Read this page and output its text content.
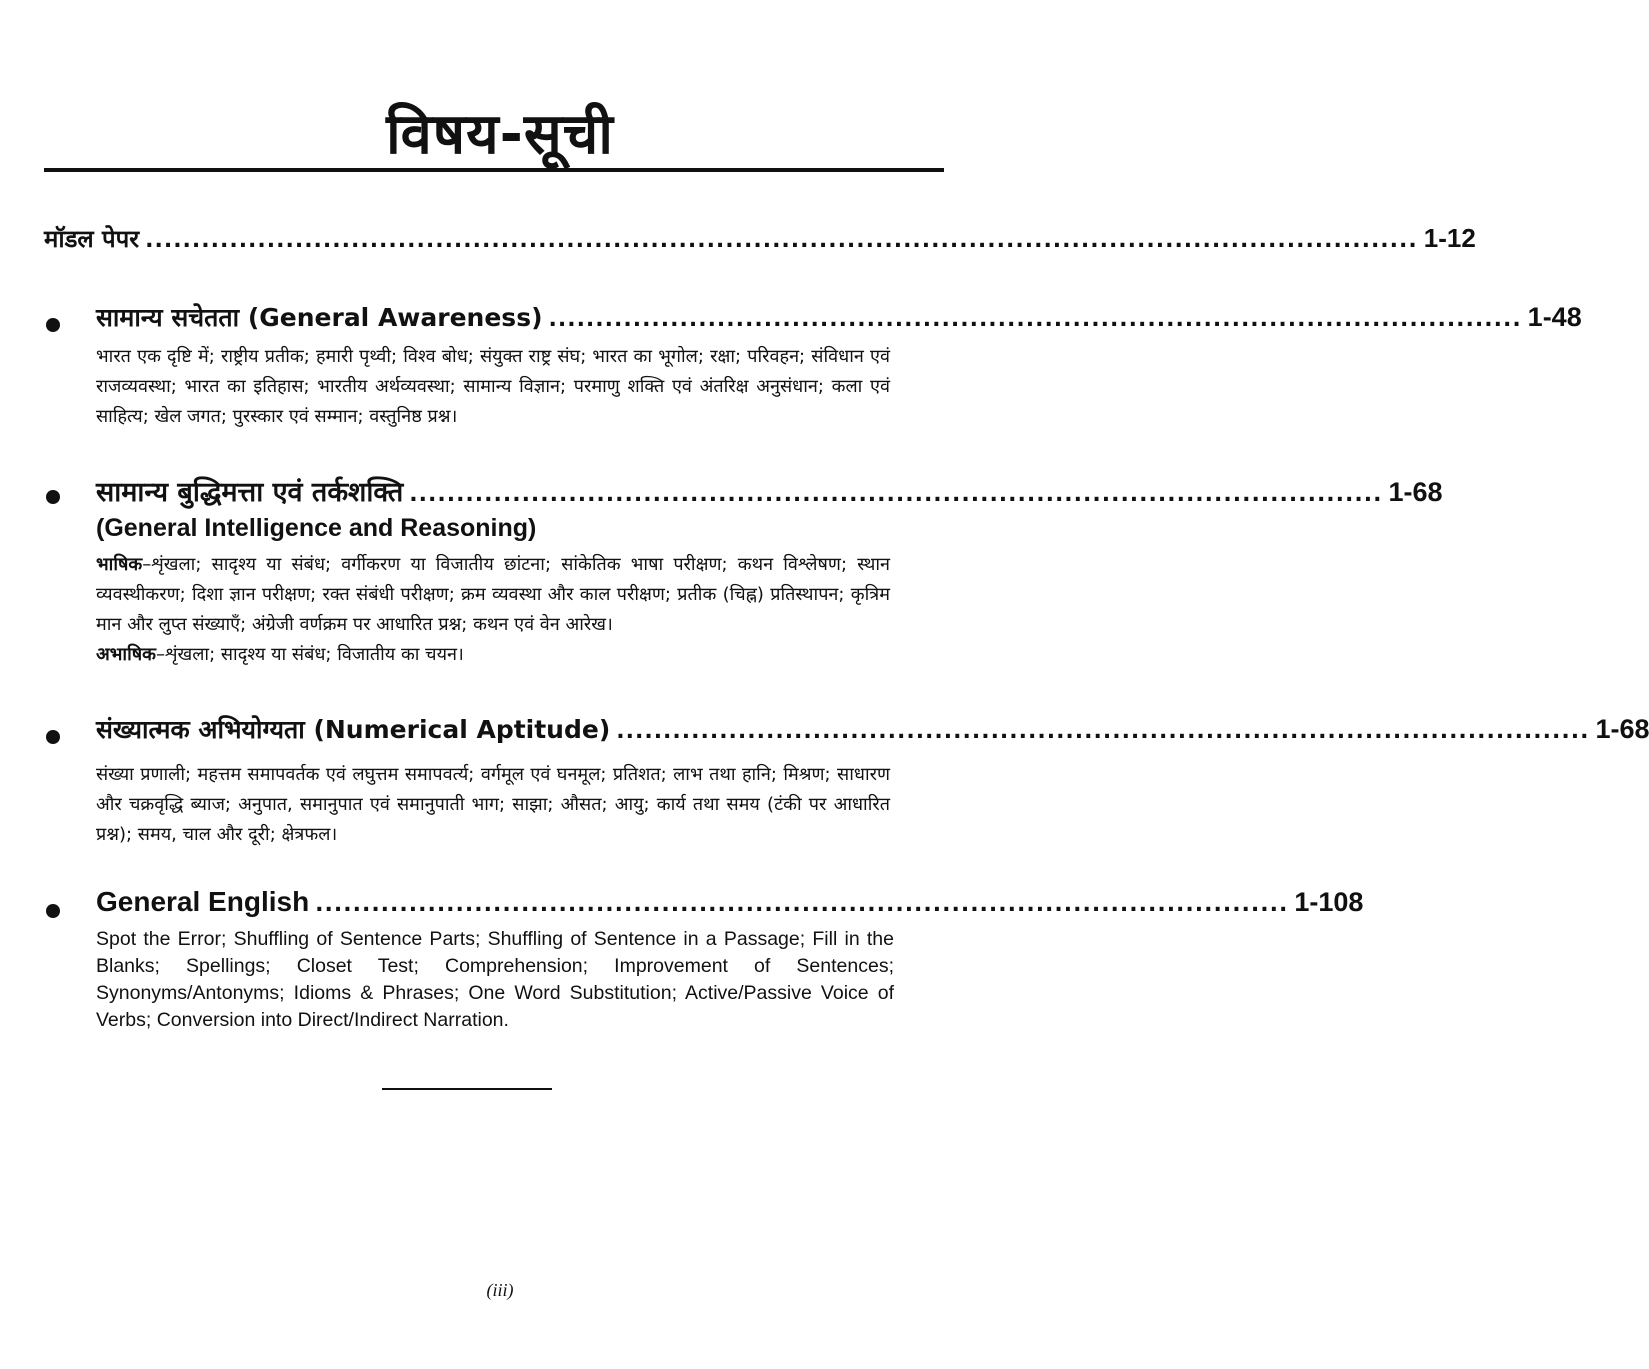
विषय-सूची
मॉडल पेपर ........................................................................................................................................ 1-12
सामान्य सचेतता (General Awareness) ........................................................................................................ 1-48
भारत एक दृष्टि में; राष्ट्रीय प्रतीक; हमारी पृथ्वी; विश्व बोध; संयुक्त राष्ट्र संघ; भारत का भूगोल; रक्षा; परिवहन; संविधान एवं राजव्यवस्था; भारत का इतिहास; भारतीय अर्थव्यवस्था; सामान्य विज्ञान; परमाणु शक्ति एवं अंतरिक्ष अनुसंधान; कला एवं साहित्य; खेल जगत; पुरस्कार एवं सम्मान; वस्तुनिष्ठ प्रश्न।
सामान्य बुद्धिमत्ता एवं तर्कशक्ति ........................................................................................................ 1-68
(General Intelligence and Reasoning)
भाषिक–शृंखला; सादृश्य या संबंध; वर्गीकरण या विजातीय छांटना; सांकेतिक भाषा परीक्षण; कथन विश्लेषण; स्थान व्यवस्थीकरण; दिशा ज्ञान परीक्षण; रक्त संबंधी परीक्षण; क्रम व्यवस्था और काल परीक्षण; प्रतीक (चिह्न) प्रतिस्थापन; कृत्रिम मान और लुप्त संख्याएँ; अंग्रेजी वर्णक्रम पर आधारित प्रश्न; कथन एवं वेन आरेख।
अभाषिक–शृंखला; सादृश्य या संबंध; विजातीय का चयन।
संख्यात्मक अभियोग्यता (Numerical Aptitude) ........................................................................................................ 1-68
संख्या प्रणाली; महत्तम समापवर्तक एवं लघुत्तम समापवर्त्य; वर्गमूल एवं घनमूल; प्रतिशत; लाभ तथा हानि; मिश्रण; साधारण और चक्रवृद्धि ब्याज; अनुपात, समानुपात एवं समानुपाती भाग; साझा; औसत; आयु; कार्य तथा समय (टंकी पर आधारित प्रश्न); समय, चाल और दूरी; क्षेत्रफल।
General English ........................................................................................................ 1-108
Spot the Error; Shuffling of Sentence Parts; Shuffling of Sentence in a Passage; Fill in the Blanks; Spellings; Closet Test; Comprehension; Improvement of Sentences; Synonyms/Antonyms; Idioms & Phrases; One Word Substitution; Active/Passive Voice of Verbs; Conversion into Direct/Indirect Narration.
(iii)
